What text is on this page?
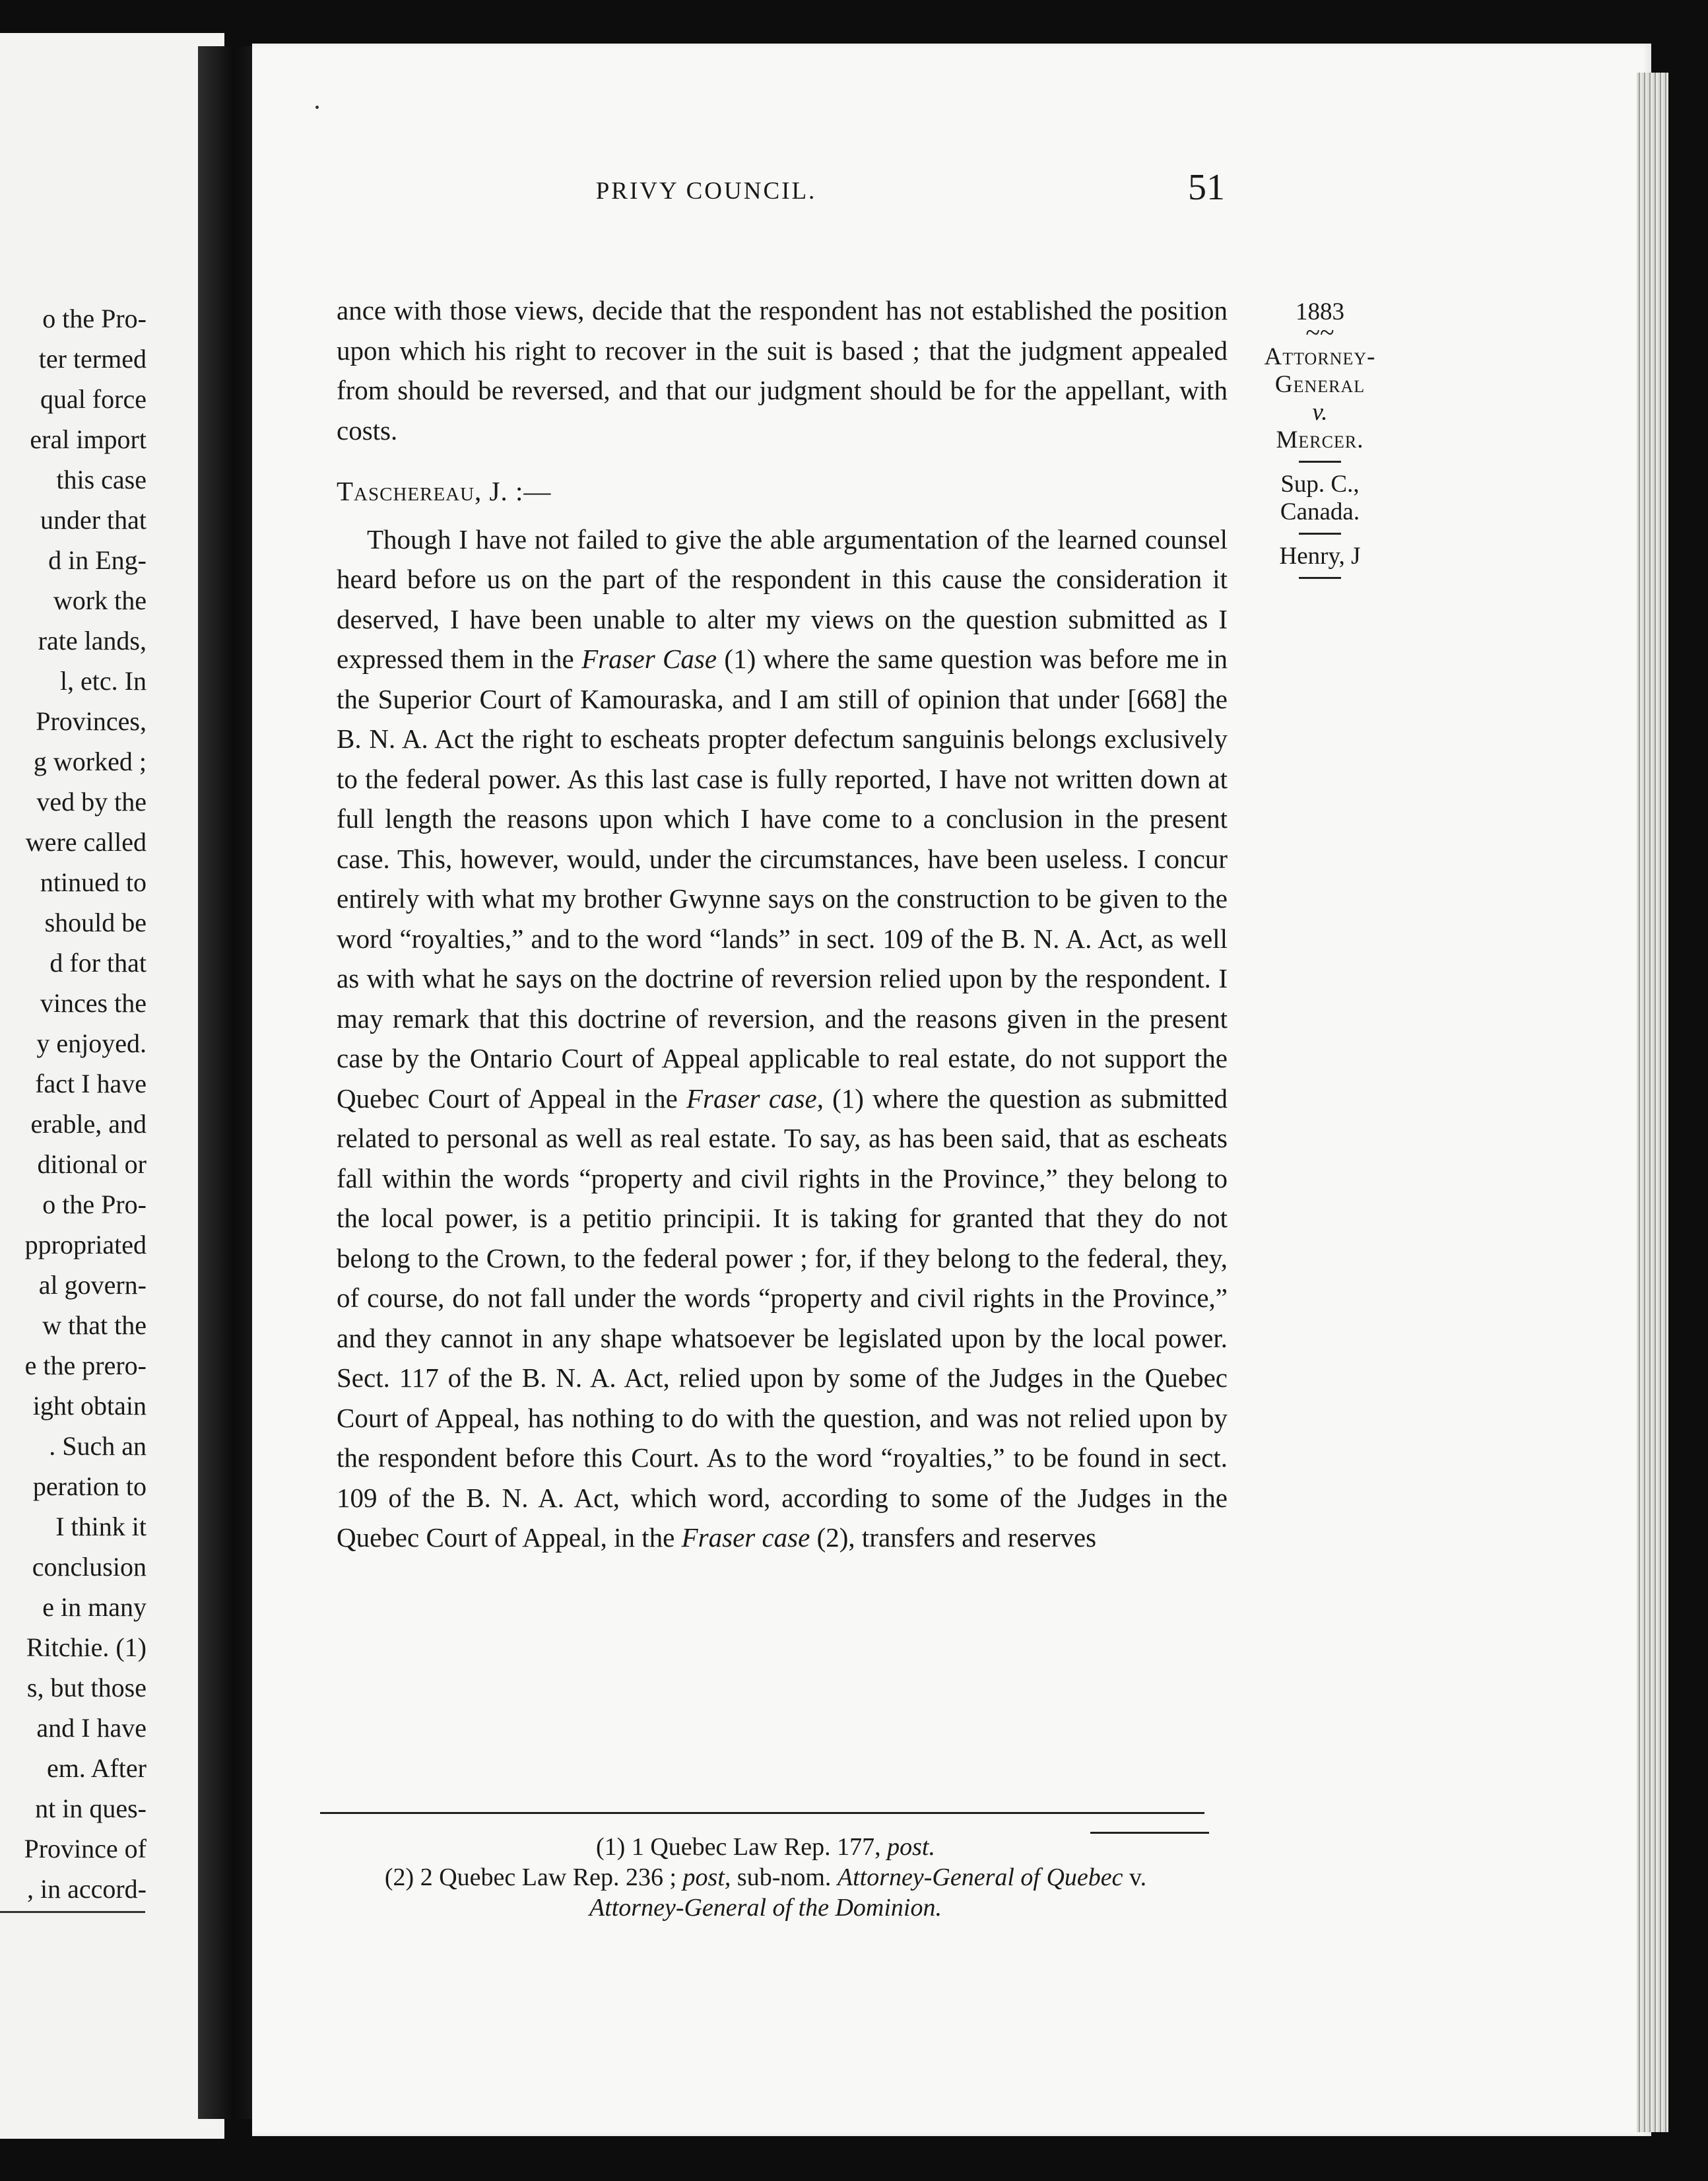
o the Pro-
ter termed
qual force
eral import
this case
under that
d in Eng-
work the
rate lands,
l, etc. In
Provinces,
g worked ;
ved by the
were called
ntinued to
should be
d for that
vinces the
y enjoyed.
fact I have
erable, and
ditional or
o the Pro-
ppropriated
al govern-
w that the
e the prero-
ight obtain
. Such an
peration to
I think it
conclusion
e in many
Ritchie. (1)
s, but those
and I have
em. After
nt in ques-
Province of
, in accord-
PRIVY COUNCIL.	51
1883
~~
Attorney-
General
v.
Mercer.
Sup. C.,
Canada.
Henry, J

ance with those views, decide that the respondent has not established the position upon which his right to recover in the suit is based ; that the judgment appealed from should be reversed, and that our judgment should be for the appellant, with costs.

Taschereau, J. :—

Though I have not failed to give the able argumentation of the learned counsel heard before us on the part of the respondent in this cause the consideration it deserved, I have been unable to alter my views on the question submitted as I expressed them in the Fraser Case (1) where the same question was before me in the Superior Court of Kamouraska, and I am still of opinion that under [668] the B. N. A. Act the right to escheats propter defectum sanguinis belongs exclusively to the federal power. As this last case is fully reported, I have not written down at full length the reasons upon which I have come to a conclusion in the present case. This, however, would, under the circumstances, have been useless. I concur entirely with what my brother Gwynne says on the construction to be given to the word “royalties,” and to the word “lands” in sect. 109 of the B. N. A. Act, as well as with what he says on the doctrine of reversion relied upon by the respondent. I may remark that this doctrine of reversion, and the reasons given in the present case by the Ontario Court of Appeal applicable to real estate, do not support the Quebec Court of Appeal in the Fraser case, (1) where the question as submitted related to personal as well as real estate. To say, as has been said, that as escheats fall within the words “property and civil rights in the Province,” they belong to the local power, is a petitio principii. It is taking for granted that they do not belong to the Crown, to the federal power ; for, if they belong to the federal, they, of course, do not fall under the words “property and civil rights in the Province,” and they cannot in any shape whatsoever be legislated upon by the local power. Sect. 117 of the B. N. A. Act, relied upon by some of the Judges in the Quebec Court of Appeal, has nothing to do with the question, and was not relied upon by the respondent before this Court. As to the word “royalties,” to be found in sect. 109 of the B. N. A. Act, which word, according to some of the Judges in the Quebec Court of Appeal, in the Fraser case (2), transfers and reserves

(1) 1 Quebec Law Rep. 177, post.
(2) 2 Quebec Law Rep. 236 ; post, sub-nom. Attorney-General of Quebec v.
Attorney-General of the Dominion.
